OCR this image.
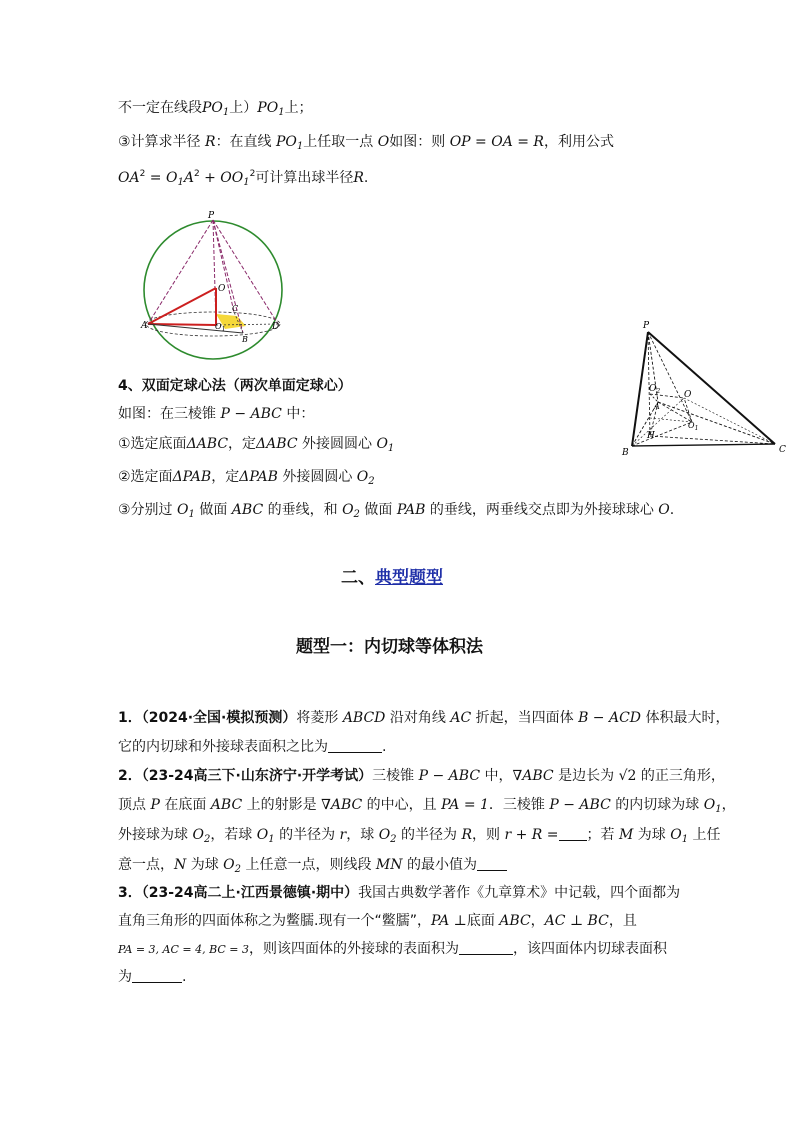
不一定在线段$PO_1$上）$PO_1$上；
③计算求半径 R：在直线 $PO_1$上任取一点 O如图：则 OP = OA = R，利用公式
$OA^2 = O_1A^2 + OO_1^2$可计算出球半径R.
P
O
A	$O_1$
C
B
D	P
$O_2$	O
A
H
$O_1$
B	C
4、双面定球心法（两次单面定球心）
如图：在三棱锥 P − ABC 中：
①选定底面ΔABC，定ΔABC 外接圆圆心 $O_1$
②选定面ΔPAB，定ΔPAB 外接圆圆心 $O_2$
③分别过 $O_1$ 做面 ABC 的垂线，和 $O_2$ 做面 PAB 的垂线，两垂线交点即为外接球球心 O.
二、典型题型
题型一：内切球等体积法
1．（2024·全国·模拟预测）将菱形 ABCD 沿对角线 AC 折起，当四面体 B − ACD 体积最大时，
它的内切球和外接球表面积之比为	.
2．（23-24高三下·山东济宁·开学考试）三棱锥 P − ABC 中，∇ABC 是边长为 √2 的正三角形，
顶点 P 在底面 ABC 上的射影是 ∇ABC 的中心，且 PA = 1．三棱锥 P − ABC 的内切球为球 $O_1$，
外接球为球 $O_2$，若球 $O_1$ 的半径为 r，球 $O_2$ 的半径为 R，则 r + R = ；若 M 为球 $O_1$ 上任
意一点，N 为球 $O_2$ 上任意一点，则线段 MN 的最小值为
3．（23-24高二上·江西景德镇·期中）我国古典数学著作《九章算术》中记载，四个面都为
直角三角形的四面体称之为鳖臑.现有一个“鳖臑”，PA ⊥底面 ABC，AC ⊥ BC，且
PA = 3, AC = 4, BC = 3，则该四面体的外接球的表面积为	，该四面体内切球表面积
为	.
